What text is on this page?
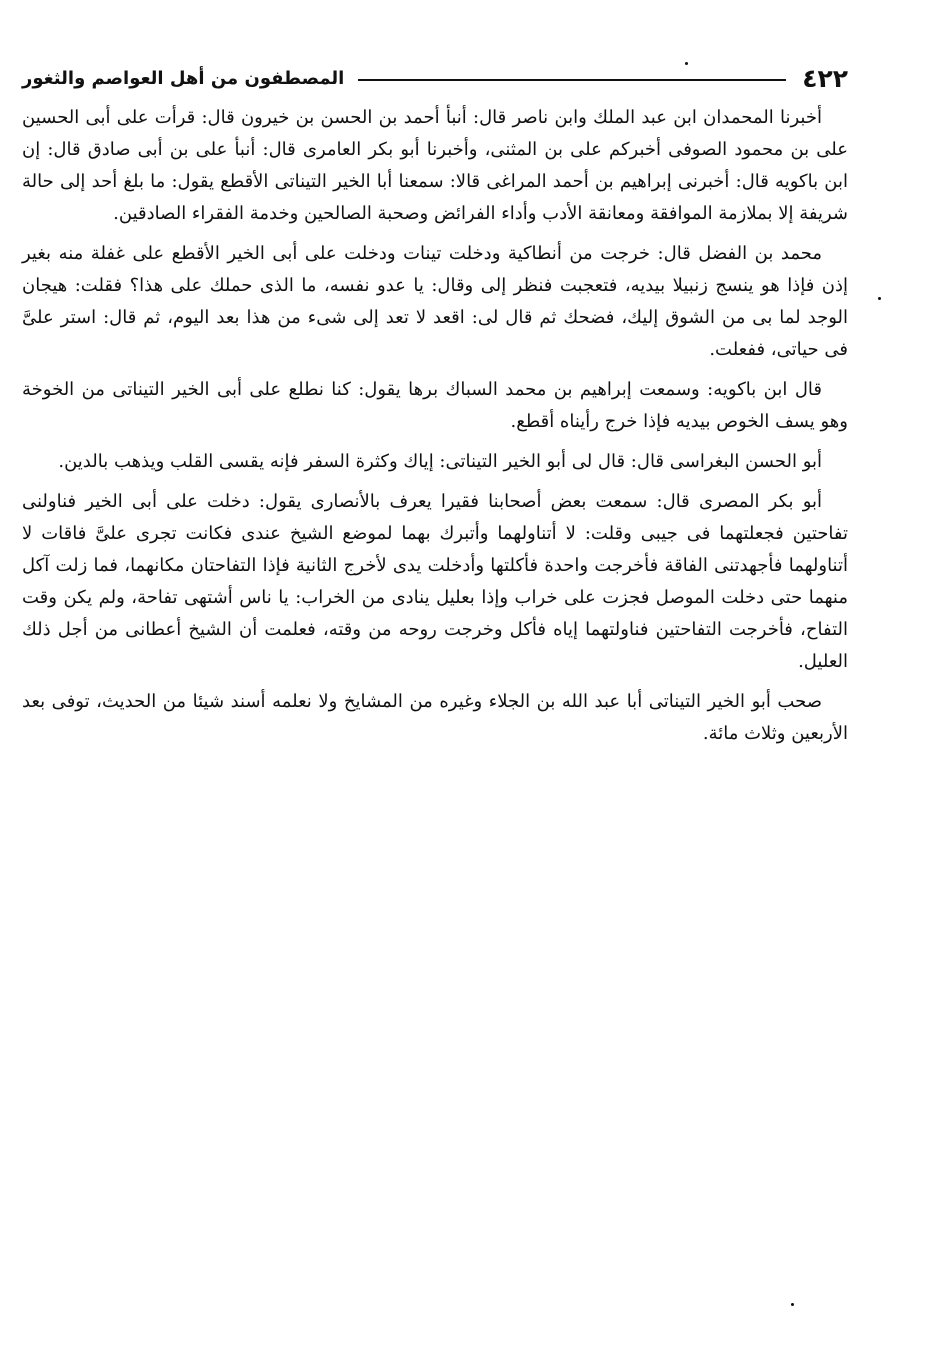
٤٢٢
المصطفون من أهل العواصم والثغور

أخبرنا المحمدان ابن عبد الملك وابن ناصر قال: أنبأ أحمد بن الحسن بن خيرون قال: قرأت على أبى الحسين على بن محمود الصوفى أخبركم على بن المثنى، وأخبرنا أبو بكر العامرى قال: أنبأ على بن أبى صادق قال: إن ابن باكويه قال: أخبرنى إبراهيم بن أحمد المراغى قالا: سمعنا أبا الخير التيناتى الأقطع يقول: ما بلغ أحد إلى حالة شريفة إلا بملازمة الموافقة ومعانقة الأدب وأداء الفرائض وصحبة الصالحين وخدمة الفقراء الصادقين.

محمد بن الفضل قال: خرجت من أنطاكية ودخلت تينات ودخلت على أبى الخير الأقطع على غفلة منه بغير إذن فإذا هو ينسج زنبيلا بيديه، فتعجبت فنظر إلى وقال: يا عدو نفسه، ما الذى حملك على هذا؟ فقلت: هيجان الوجد لما بى من الشوق إليك، فضحك ثم قال لى: اقعد لا تعد إلى شىء من هذا بعد اليوم، ثم قال: استر علىَّ فى حياتى، ففعلت.

قال ابن باكويه: وسمعت إبراهيم بن محمد السباك برها يقول: كنا نطلع على أبى الخير التيناتى من الخوخة وهو يسف الخوص بيديه فإذا خرج رأيناه أقطع.

أبو الحسن البغراسى قال: قال لى أبو الخير التيناتى: إياك وكثرة السفر فإنه يقسى القلب ويذهب بالدين.

أبو بكر المصرى قال: سمعت بعض أصحابنا فقيرا يعرف بالأنصارى يقول: دخلت على أبى الخير فناولنى تفاحتين فجعلتهما فى جيبى وقلت: لا أتناولهما وأتبرك بهما لموضع الشيخ عندى فكانت تجرى علىَّ فاقات لا أتناولهما فأجهدتنى الفاقة فأخرجت واحدة فأكلتها وأدخلت يدى لأخرج الثانية فإذا التفاحتان مكانهما، فما زلت آكل منهما حتى دخلت الموصل فجزت على خراب وإذا بعليل ينادى من الخراب: يا ناس أشتهى تفاحة، ولم يكن وقت التفاح، فأخرجت التفاحتين فناولتهما إياه فأكل وخرجت روحه من وقته، فعلمت أن الشيخ أعطانى من أجل ذلك العليل.

صحب أبو الخير التيناتى أبا عبد الله بن الجلاء وغيره من المشايخ ولا نعلمه أسند شيئا من الحديث، توفى بعد الأربعين وثلاث مائة.
